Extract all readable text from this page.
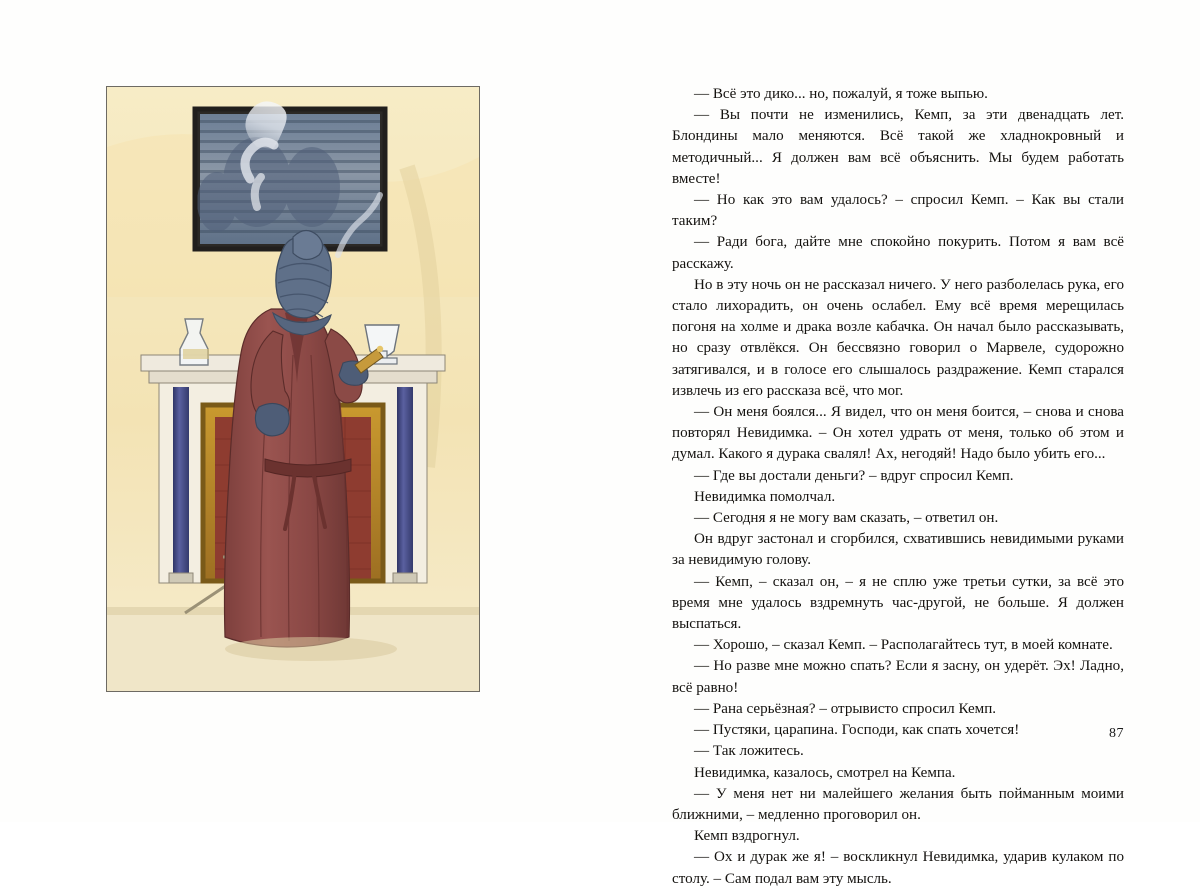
— Всё это дико... но, пожалуй, я тоже выпью.

— Вы почти не изменились, Кемп, за эти двенадцать лет. Блондины мало меняются. Всё такой же хладнокровный и методичный... Я должен вам всё объяснить. Мы будем работать вместе!

— Но как это вам удалось? – спросил Кемп. – Как вы стали таким?

— Ради бога, дайте мне спокойно покурить. Потом я вам всё расскажу.

Но в эту ночь он не рассказал ничего. У него разболелась рука, его стало лихорадить, он очень ослабел. Ему всё время мерещилась погоня на холме и драка возле кабачка. Он начал было рассказывать, но сразу отвлёкся. Он бессвязно говорил о Марвеле, судорожно затягивался, и в голосе его слышалось раздражение. Кемп старался извлечь из его рассказа всё, что мог.

— Он меня боялся... Я видел, что он меня боится, – снова и снова повторял Невидимка. – Он хотел удрать от меня, только об этом и думал. Какого я дурака свалял! Ах, негодяй! Надо было убить его...

— Где вы достали деньги? – вдруг спросил Кемп.

Невидимка помолчал.

— Сегодня я не могу вам сказать, – ответил он.

Он вдруг застонал и сгорбился, схватившись невидимыми руками за невидимую голову.

— Кемп, – сказал он, – я не сплю уже третьи сутки, за всё это время мне удалось вздремнуть час-другой, не больше. Я должен выспаться.

— Хорошо, – сказал Кемп. – Располагайтесь тут, в моей комнате.

— Но разве мне можно спать? Если я засну, он удерёт. Эх! Ладно, всё равно!

— Рана серьёзная? – отрывисто спросил Кемп.

— Пустяки, царапина. Господи, как спать хочется!

— Так ложитесь.

Невидимка, казалось, смотрел на Кемпа.

— У меня нет ни малейшего желания быть пойманным моими ближними, – медленно проговорил он.

Кемп вздрогнул.

— Ох и дурак же я! – воскликнул Невидимка, ударив кулаком по столу. – Сам подал вам эту мысль.

87
